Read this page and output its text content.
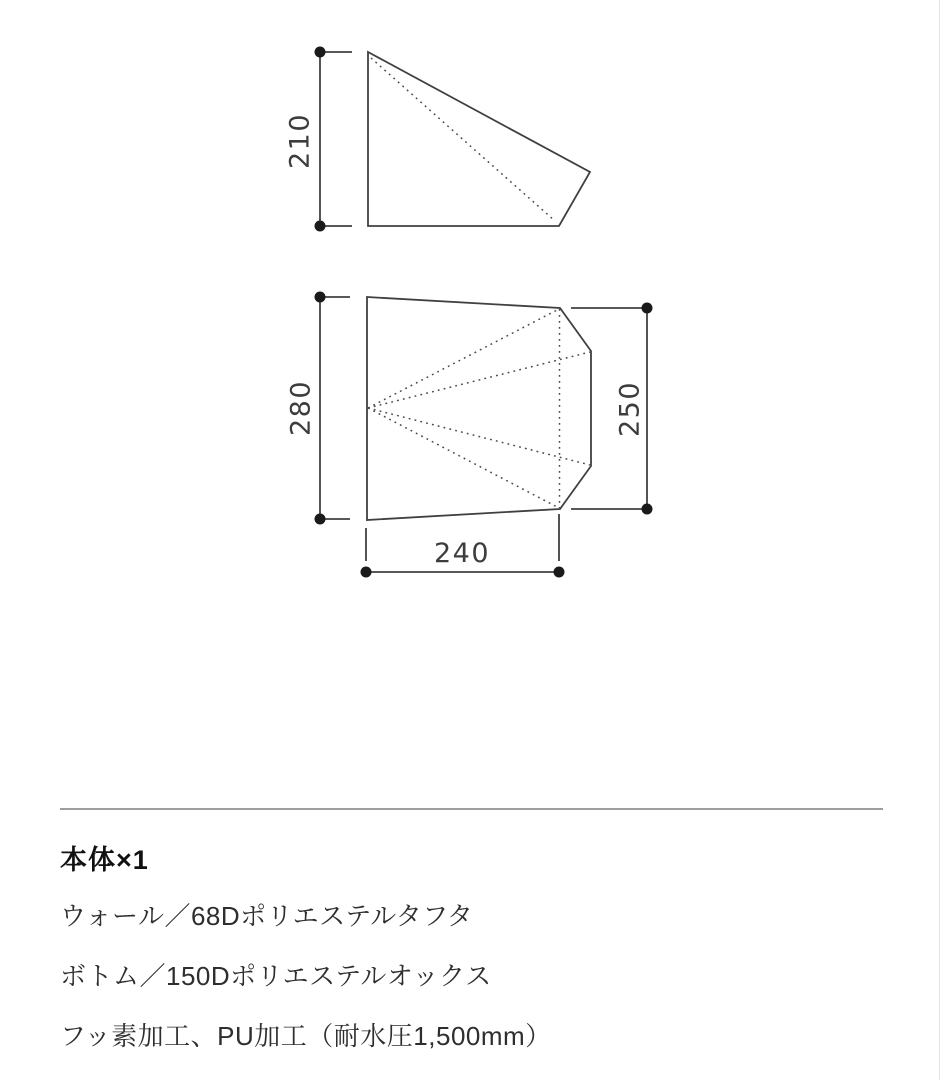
210
280	250
240

本体×1

ウォール／68Dポリエステルタフタ

ボトム／150Dポリエステルオックス

フッ素加工、PU加工（耐水圧1,500mm）
